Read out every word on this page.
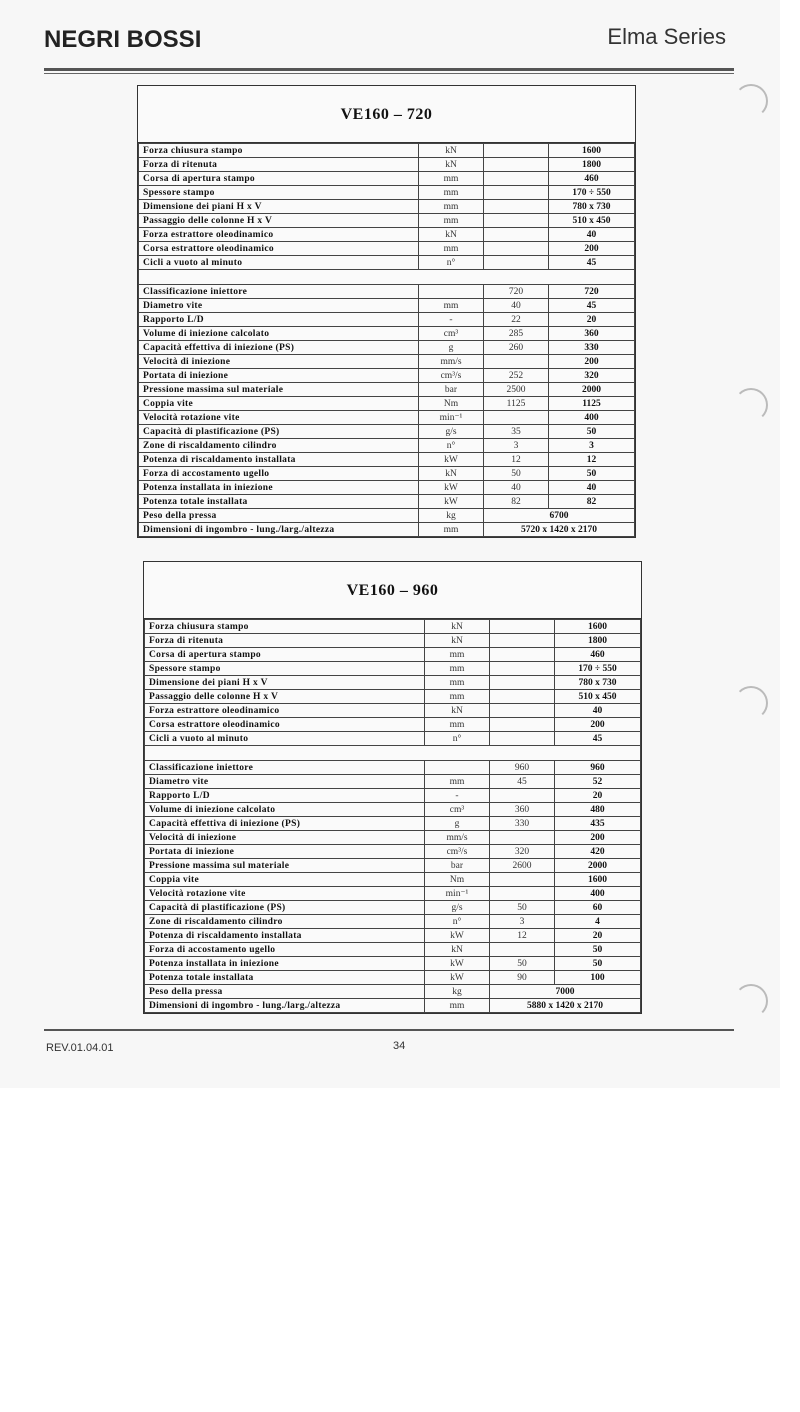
NEGRI BOSSI	Elma Series
VE160 – 720
Forza chiusura stampo	kN		1600
Forza di ritenuta	kN		1800
Corsa di apertura stampo	mm		460
Spessore stampo	mm		170 ÷ 550
Dimensione dei piani H x V	mm		780 x 730
Passaggio delle colonne H x V	mm		510 x 450
Forza estrattore oleodinamico	kN		40
Corsa estrattore oleodinamico	mm		200
Cicli a vuoto al minuto	n°		45

Classificazione iniettore		720	720
Diametro vite	mm	40	45
Rapporto L/D	-	22	20
Volume di iniezione calcolato	cm³	285	360
Capacità effettiva di iniezione (PS)	g	260	330
Velocità di iniezione	mm/s		200
Portata di iniezione	cm³/s	252	320
Pressione massima sul materiale	bar	2500	2000
Coppia vite	Nm	1125	1125
Velocità rotazione vite	min⁻¹		400
Capacità di plastificazione (PS)	g/s	35	50
Zone di riscaldamento cilindro	n°	3	3
Potenza di riscaldamento installata	kW	12	12
Forza di accostamento ugello	kN	50	50
Potenza installata in iniezione	kW	40	40
Potenza totale installata	kW	82	82
Peso della pressa	kg	6700	
Dimensioni di ingombro - lung./larg./altezza	mm	5720 x 1420 x 2170	
VE160 – 960
Forza chiusura stampo	kN		1600
Forza di ritenuta	kN		1800
Corsa di apertura stampo	mm		460
Spessore stampo	mm		170 ÷ 550
Dimensione dei piani H x V	mm		780 x 730
Passaggio delle colonne H x V	mm		510 x 450
Forza estrattore oleodinamico	kN		40
Corsa estrattore oleodinamico	mm		200
Cicli a vuoto al minuto	n°		45

Classificazione iniettore		960	960
Diametro vite	mm	45	52
Rapporto L/D	-		20
Volume di iniezione calcolato	cm³	360	480
Capacità effettiva di iniezione (PS)	g	330	435
Velocità di iniezione	mm/s		200
Portata di iniezione	cm³/s	320	420
Pressione massima sul materiale	bar	2600	2000
Coppia vite	Nm		1600
Velocità rotazione vite	min⁻¹		400
Capacità di plastificazione (PS)	g/s	50	60
Zone di riscaldamento cilindro	n°	3	4
Potenza di riscaldamento installata	kW	12	20
Forza di accostamento ugello	kN		50
Potenza installata in iniezione	kW	50	50
Potenza totale installata	kW	90	100
Peso della pressa	kg	7000	
Dimensioni di ingombro - lung./larg./altezza	mm	5880 x 1420 x 2170	
REV.01.04.01	34
